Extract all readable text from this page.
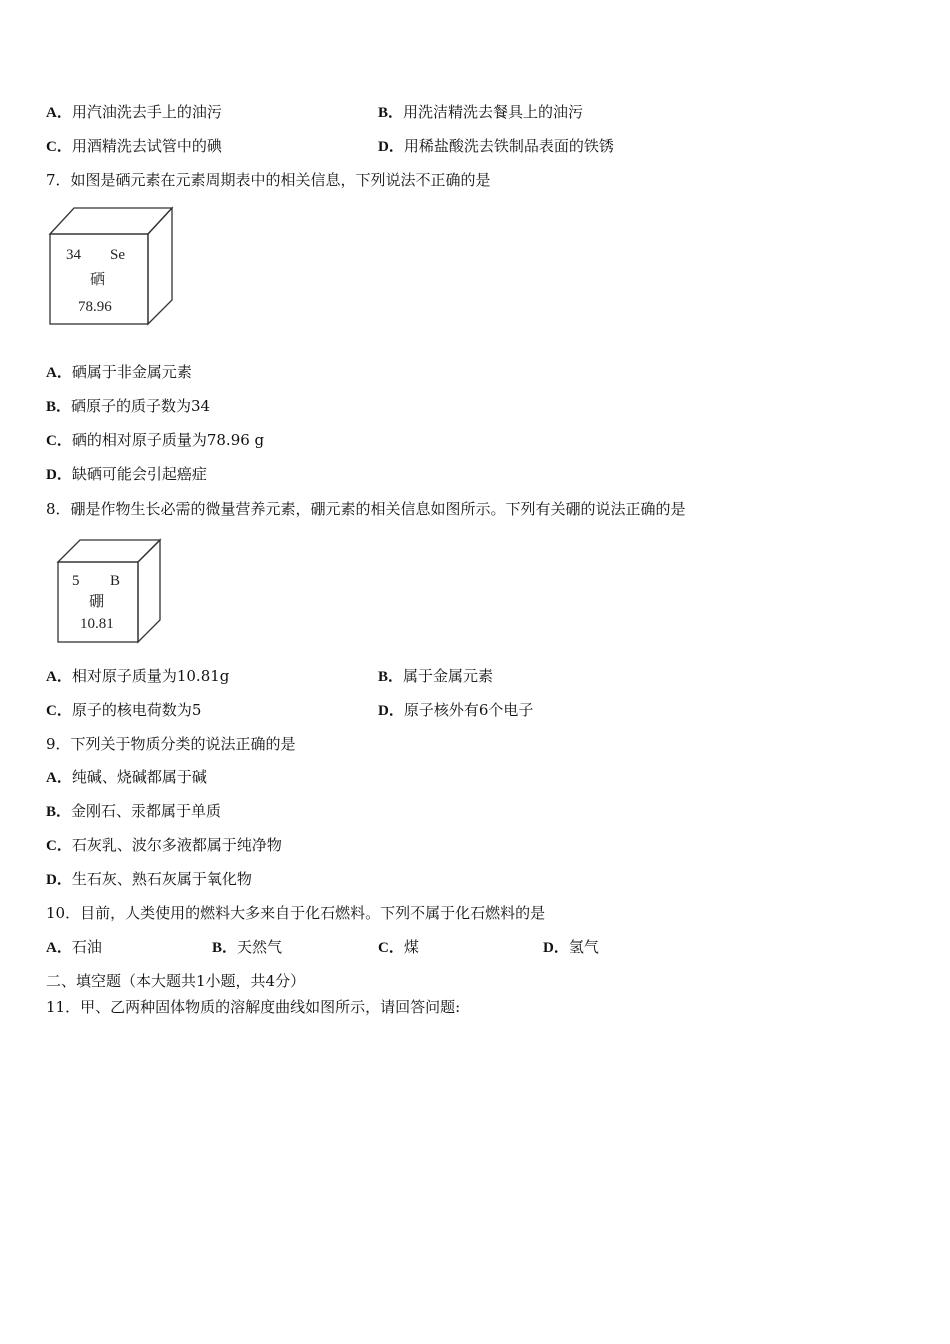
A．用汽油洗去手上的油污	B．用洗洁精洗去餐具上的油污
C．用酒精洗去试管中的碘	D．用稀盐酸洗去铁制品表面的铁锈
7．如图是硒元素在元素周期表中的相关信息，下列说法不正确的是
34 Se
硒
78.96
A．硒属于非金属元素
B．硒原子的质子数为34
C．硒的相对原子质量为78.96 g
D．缺硒可能会引起癌症
8．硼是作物生长必需的微量营养元素，硼元素的相关信息如图所示。下列有关硼的说法正确的是
5 B
硼
10.81
A．相对原子质量为10.81g	B．属于金属元素
C．原子的核电荷数为5	D．原子核外有6个电子
9．下列关于物质分类的说法正确的是
A．纯碱、烧碱都属于碱
B．金刚石、汞都属于单质
C．石灰乳、波尔多液都属于纯净物
D．生石灰、熟石灰属于氧化物
10．目前，人类使用的燃料大多来自于化石燃料。下列不属于化石燃料的是
A．石油	B．天然气	C．煤	D．氢气
二、填空题（本大题共1小题，共4分）
11．甲、乙两种固体物质的溶解度曲线如图所示，请回答问题:
